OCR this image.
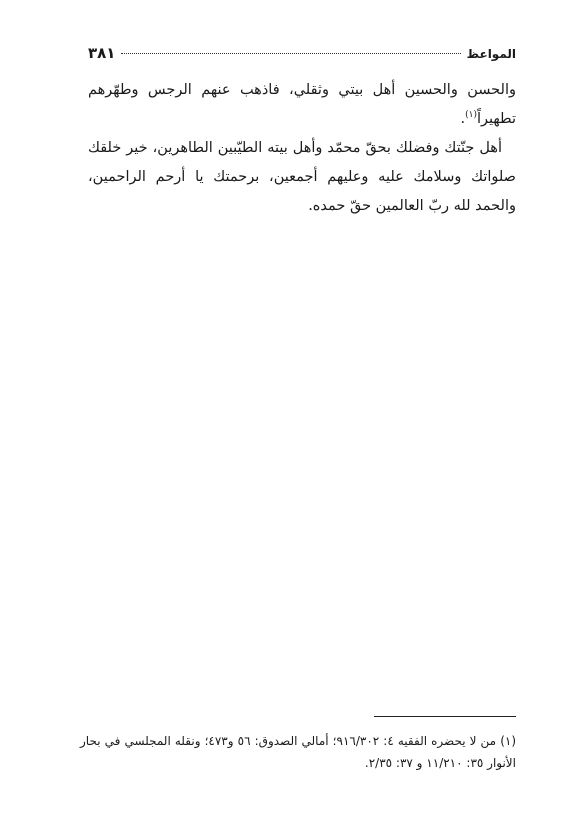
المواعظ
٣٨١

والحسن والحسين أهل بيتي وثقلي، فاذهب عنهم الرجس وطهّرهم تطهيراً$^{(١)}$.

أهل جنّتك وفضلك بحقّ محمّد وأهل بيته الطيّبين الطاهرين، خير خلقك صلواتك وسلامك عليه وعليهم أجمعين، برحمتك يا أرحم الراحمين، والحمد لله ربّ العالمين حقّ حمده.

(١) من لا يحضره الفقيه ٤: ٩١٦/٣٠٢؛ أمالي الصدوق: ٥٦ و٤٧٣؛ ونقله المجلسي في بحار الأنوار ٣٥: ١١/٢١٠ و ٣٧: ٢/٣٥.
